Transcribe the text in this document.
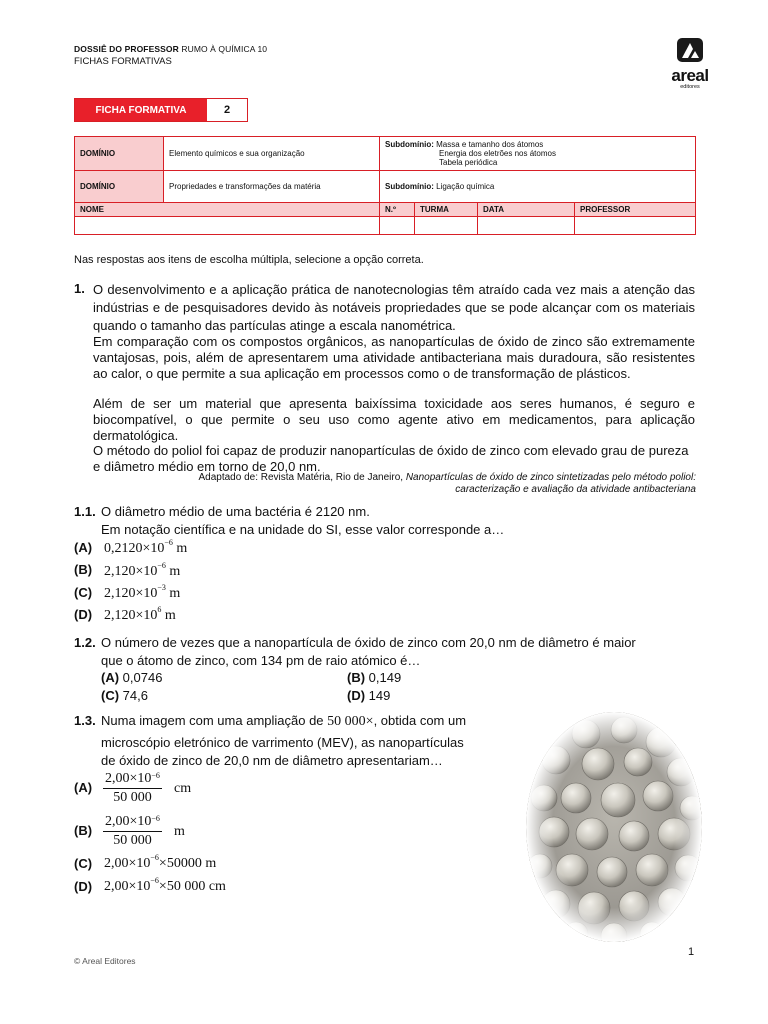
DOSSIÊ DO PROFESSOR RUMO À QUÍMICA 10
FICHAS FORMATIVAS
areal
editores
FICHA FORMATIVA	2
DOMÍNIO	Elemento químicos e sua organização	Subdomínio: Massa e tamanho dos átomos
Energia dos eletrões nos átomos
Tabela periódica			

DOMÍNIO	Propriedades e transformações da matéria	Subdomínio: Ligação química			
NOME		N.º	TURMA	DATA	PROFESSOR

Nas respostas aos itens de escolha múltipla, selecione a opção correta.
1. O desenvolvimento e a aplicação prática de nanotecnologias têm atraído cada vez mais a atenção das indústrias e de pesquisadores devido às notáveis propriedades que se pode alcançar com os materiais quando o tamanho das partículas atinge a escala nanométrica.
Em comparação com os compostos orgânicos, as nanopartículas de óxido de zinco são extremamente vantajosas, pois, além de apresentarem uma atividade antibacteriana mais duradoura, são resistentes ao calor, o que permite a sua aplicação em processos como o de transformação de plásticos.
Além de ser um material que apresenta baixíssima toxicidade aos seres humanos, é seguro e biocompatível, o que permite o seu uso como agente ativo em medicamentos, para aplicação dermatológica.
O método do poliol foi capaz de produzir nanopartículas de óxido de zinco com elevado grau de pureza e diâmetro médio em torno de 20,0 nm.
Adaptado de: Revista Matéria, Rio de Janeiro, Nanopartículas de óxido de zinco sintetizadas pelo método poliol:
caracterização e avaliação da atividade antibacteriana
1.1. O diâmetro médio de uma bactéria é 2120 nm.
Em notação científica e na unidade do SI, esse valor corresponde a…
(A) $0,2120\times 10^{-6}$ m
(B) $2,120\times 10^{-6}$ m
(C) $2,120\times 10^{-3}$ m
(D) $2,120\times 10^6$ m
1.2. O número de vezes que a nanopartícula de óxido de zinco com 20,0 nm de diâmetro é maior
que o átomo de zinco, com 134 pm de raio atómico é…
(A) 0,0746	(B) 0,149
(C) 74,6	(D) 149
1.3. Numa imagem com uma ampliação de 50 000×, obtida com um
microscópio eletrónico de varrimento (MEV), as nanopartículas
de óxido de zinco de 20,0 nm de diâmetro apresentariam…
$(A) \frac{2,00\times 10^{-6}}{50 000}$ cm
$(B) \frac{2,00\times 10^{-6}}{50 000}$ m
(C) $2,00\times 10^{-6}\times 50000$ m
(D) $2,00\times 10^{-6}\times 50$ 000 cm
© Areal Editores
1
